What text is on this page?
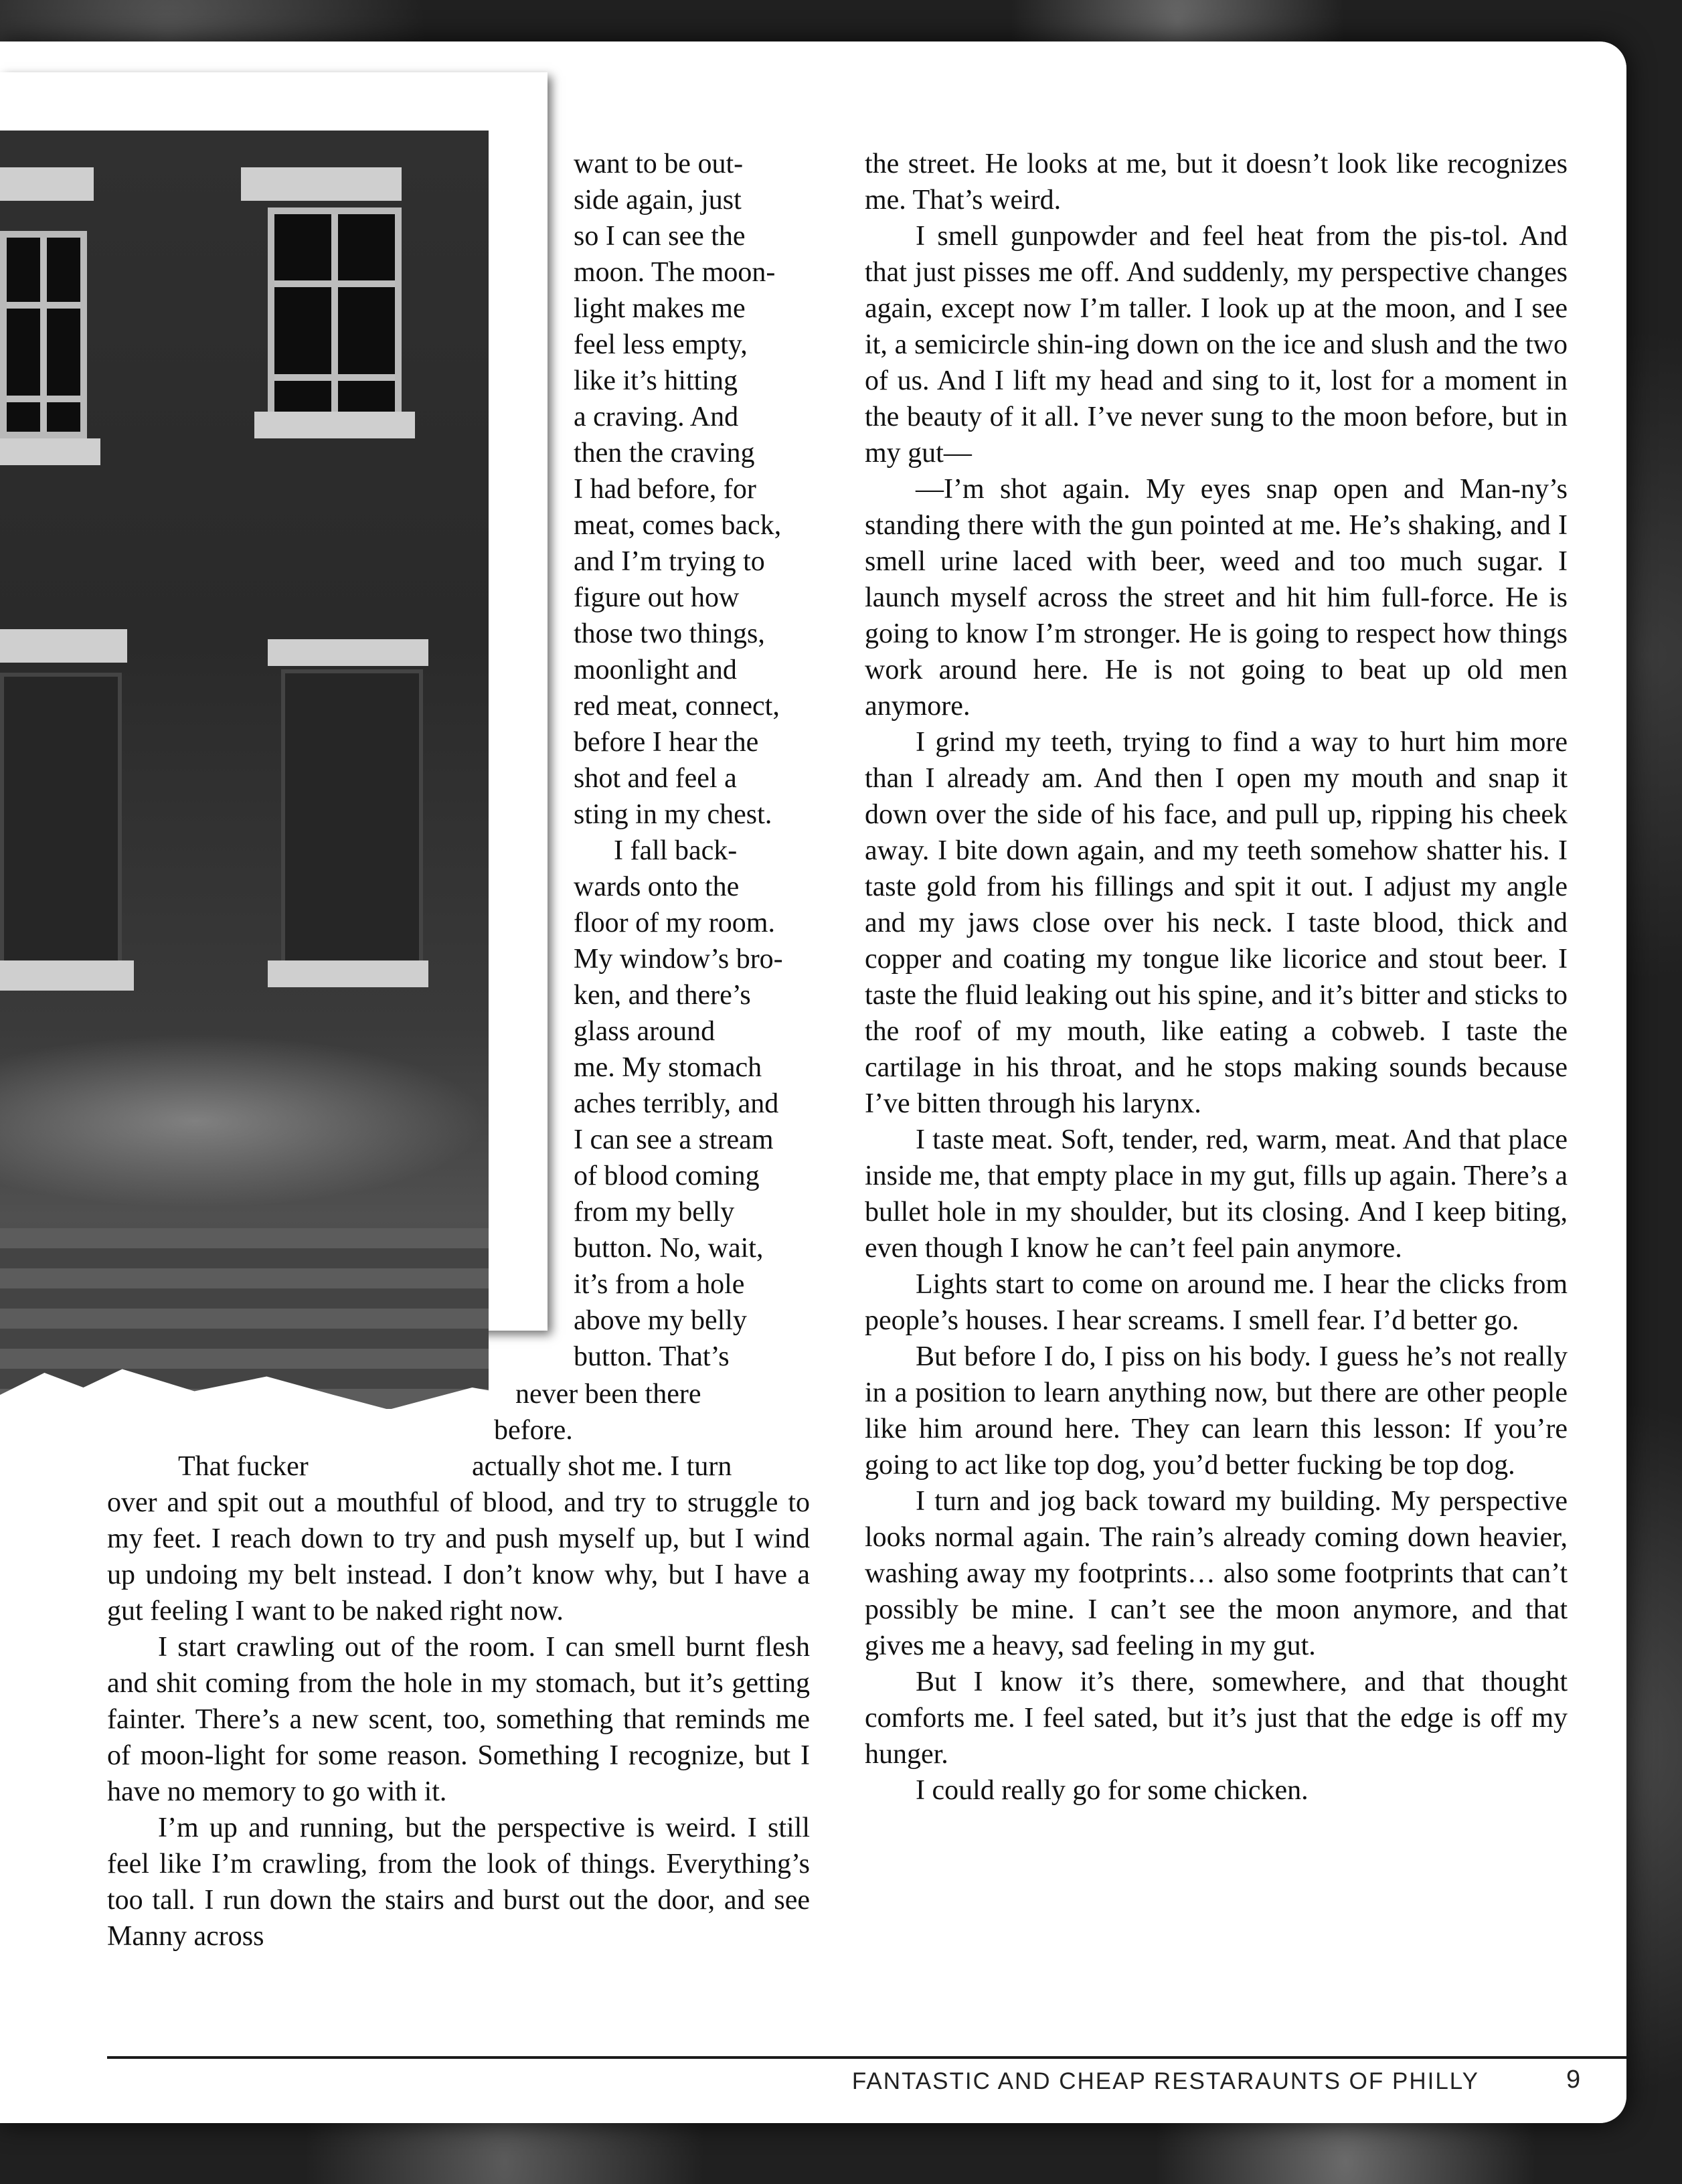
want to be out-

side again, just

so I can see the

moon. The moon-

light makes me

feel less empty,

like it’s hitting

a craving. And

then the craving

I had before, for

meat, comes back,

and I’m trying to

figure out how

those two things,

moonlight and

red meat, connect,

before I hear the

shot and feel a

sting in my chest.

I fall back-

wards onto the

floor of my room.

My window’s bro-

ken, and there’s

glass around

me. My stomach

aches terribly, and

I can see a stream

of blood coming

from my belly

button. No, wait,

it’s from a hole

above my belly

button. That’s

never been there

before.

That fucker	actually shot me. I turn

over and spit out a mouthful of blood, and try to struggle to my feet. I reach down to try and push myself up, but I wind up undoing my belt instead. I don’t know why, but I have a gut feeling I want to be naked right now.

I start crawling out of the room. I can smell burnt flesh and shit coming from the hole in my stomach, but it’s getting fainter. There’s a new scent, too, something that reminds me of moon-light for some reason. Something I recognize, but I have no memory to go with it.

I’m up and running, but the perspective is weird. I still feel like I’m crawling, from the look of things. Everything’s too tall. I run down the stairs and burst out the door, and see Manny across

the street. He looks at me, but it doesn’t look like recognizes me. That’s weird.

I smell gunpowder and feel heat from the pis-tol. And that just pisses me off. And suddenly, my perspective changes again, except now I’m taller. I look up at the moon, and I see it, a semicircle shin-ing down on the ice and slush and the two of us. And I lift my head and sing to it, lost for a moment in the beauty of it all. I’ve never sung to the moon before, but in my gut—

—I’m shot again. My eyes snap open and Man-ny’s standing there with the gun pointed at me. He’s shaking, and I smell urine laced with beer, weed and too much sugar. I launch myself across the street and hit him full-force. He is going to know I’m stronger. He is going to respect how things work around here. He is not going to beat up old men anymore.

I grind my teeth, trying to find a way to hurt him more than I already am. And then I open my mouth and snap it down over the side of his face, and pull up, ripping his cheek away. I bite down again, and my teeth somehow shatter his. I taste gold from his fillings and spit it out. I adjust my angle and my jaws close over his neck. I taste blood, thick and copper and coating my tongue like licorice and stout beer. I taste the fluid leaking out his spine, and it’s bitter and sticks to the roof of my mouth, like eating a cobweb. I taste the cartilage in his throat, and he stops making sounds because I’ve bitten through his larynx.

I taste meat. Soft, tender, red, warm, meat. And that place inside me, that empty place in my gut, fills up again. There’s a bullet hole in my shoulder, but its closing. And I keep biting, even though I know he can’t feel pain anymore.

Lights start to come on around me. I hear the clicks from people’s houses. I hear screams. I smell fear. I’d better go.

But before I do, I piss on his body. I guess he’s not really in a position to learn anything now, but there are other people like him around here. They can learn this lesson: If you’re going to act like top dog, you’d better fucking be top dog.

I turn and jog back toward my building. My perspective looks normal again. The rain’s already coming down heavier, washing away my footprints… also some footprints that can’t possibly be mine. I can’t see the moon anymore, and that gives me a heavy, sad feeling in my gut.

But I know it’s there, somewhere, and that thought comforts me. I feel sated, but it’s just that the edge is off my hunger.

I could really go for some chicken.

FANTASTIC AND CHEAP RESTARAUNTS OF PHILLY	9
